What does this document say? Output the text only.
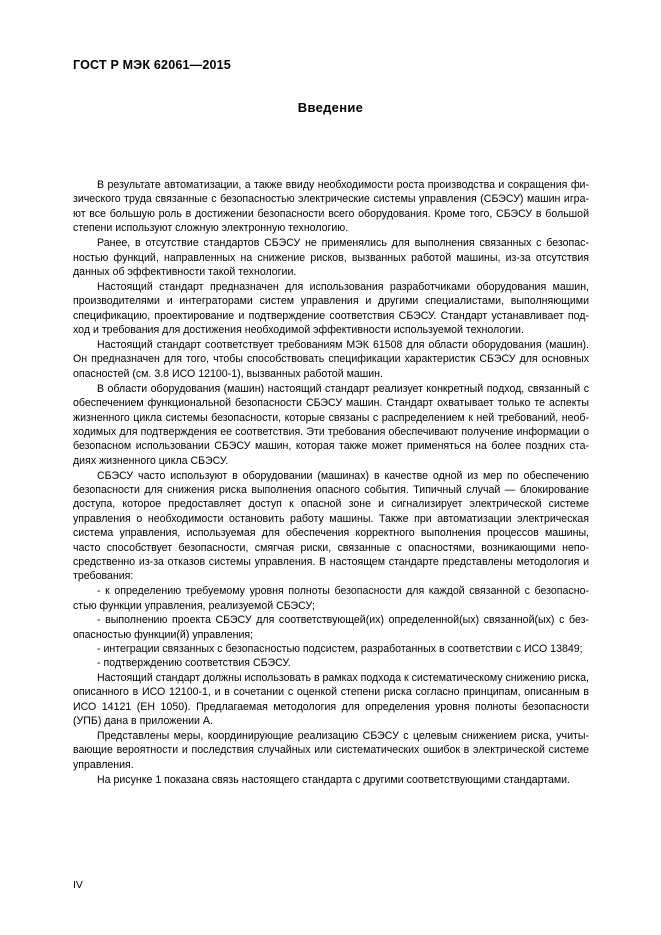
ГОСТ Р МЭК 62061—2015
Введение

В результате автоматизации, а также ввиду необходимости роста производства и сокращения физического труда связанные с безопасностью электрические системы управления (СБЭСУ) машин играют все большую роль в достижении безопасности всего оборудования. Кроме того, СБЭСУ в большой степени используют сложную электронную технологию.

Ранее, в отсутствие стандартов СБЭСУ не применялись для выполнения связанных с безопасностью функций, направленных на снижение рисков, вызванных работой машины, из-за отсутствия данных об эффективности такой технологии.

Настоящий стандарт предназначен для использования разработчиками оборудования машин, производителями и интеграторами систем управления и другими специалистами, выполняющими спецификацию, проектирование и подтверждение соответствия СБЭСУ. Стандарт устанавливает подход и требования для достижения необходимой эффективности используемой технологии.

Настоящий стандарт соответствует требованиям МЭК 61508 для области оборудования (машин). Он предназначен для того, чтобы способствовать спецификации характеристик СБЭСУ для основных опасностей (см. 3.8 ИСО 12100-1), вызванных работой машин.

В области оборудования (машин) настоящий стандарт реализует конкретный подход, связанный с обеспечением функциональной безопасности СБЭСУ машин. Стандарт охватывает только те аспекты жизненного цикла системы безопасности, которые связаны с распределением к ней требований, необходимых для подтверждения ее соответствия. Эти требования обеспечивают получение информации о безопасном использовании СБЭСУ машин, которая также может применяться на более поздних стадиях жизненного цикла СБЭСУ.

СБЭСУ часто используют в оборудовании (машинах) в качестве одной из мер по обеспечению безопасности для снижения риска выполнения опасного события. Типичный случай — блокирование доступа, которое предоставляет доступ к опасной зоне и сигнализирует электрической системе управления о необходимости остановить работу машины. Также при автоматизации электрическая система управления, используемая для обеспечения корректного выполнения процессов машины, часто способствует безопасности, смягчая риски, связанные с опасностями, возникающими непосредственно из-за отказов системы управления. В настоящем стандарте представлены методология и требования:

- к определению требуемому уровня полноты безопасности для каждой связанной с безопасностью функции управления, реализуемой СБЭСУ;
- выполнению проекта СБЭСУ для соответствующей(их) определенной(ых) связанной(ых) с безопасностью функции(й) управления;
- интеграции связанных с безопасностью подсистем, разработанных в соответствии с ИСО 13849;
- подтверждению соответствия СБЭСУ.

Настоящий стандарт должны использовать в рамках подхода к систематическому снижению риска, описанного в ИСО 12100-1, и в сочетании с оценкой степени риска согласно принципам, описанным в ИСО 14121 (ЕН 1050). Предлагаемая методология для определения уровня полноты безопасности (УПБ) дана в приложении А.

Представлены меры, координирующие реализацию СБЭСУ с целевым снижением риска, учитывающие вероятности и последствия случайных или систематических ошибок в электрической системе управления.

На рисунке 1 показана связь настоящего стандарта с другими соответствующими стандартами.

IV
